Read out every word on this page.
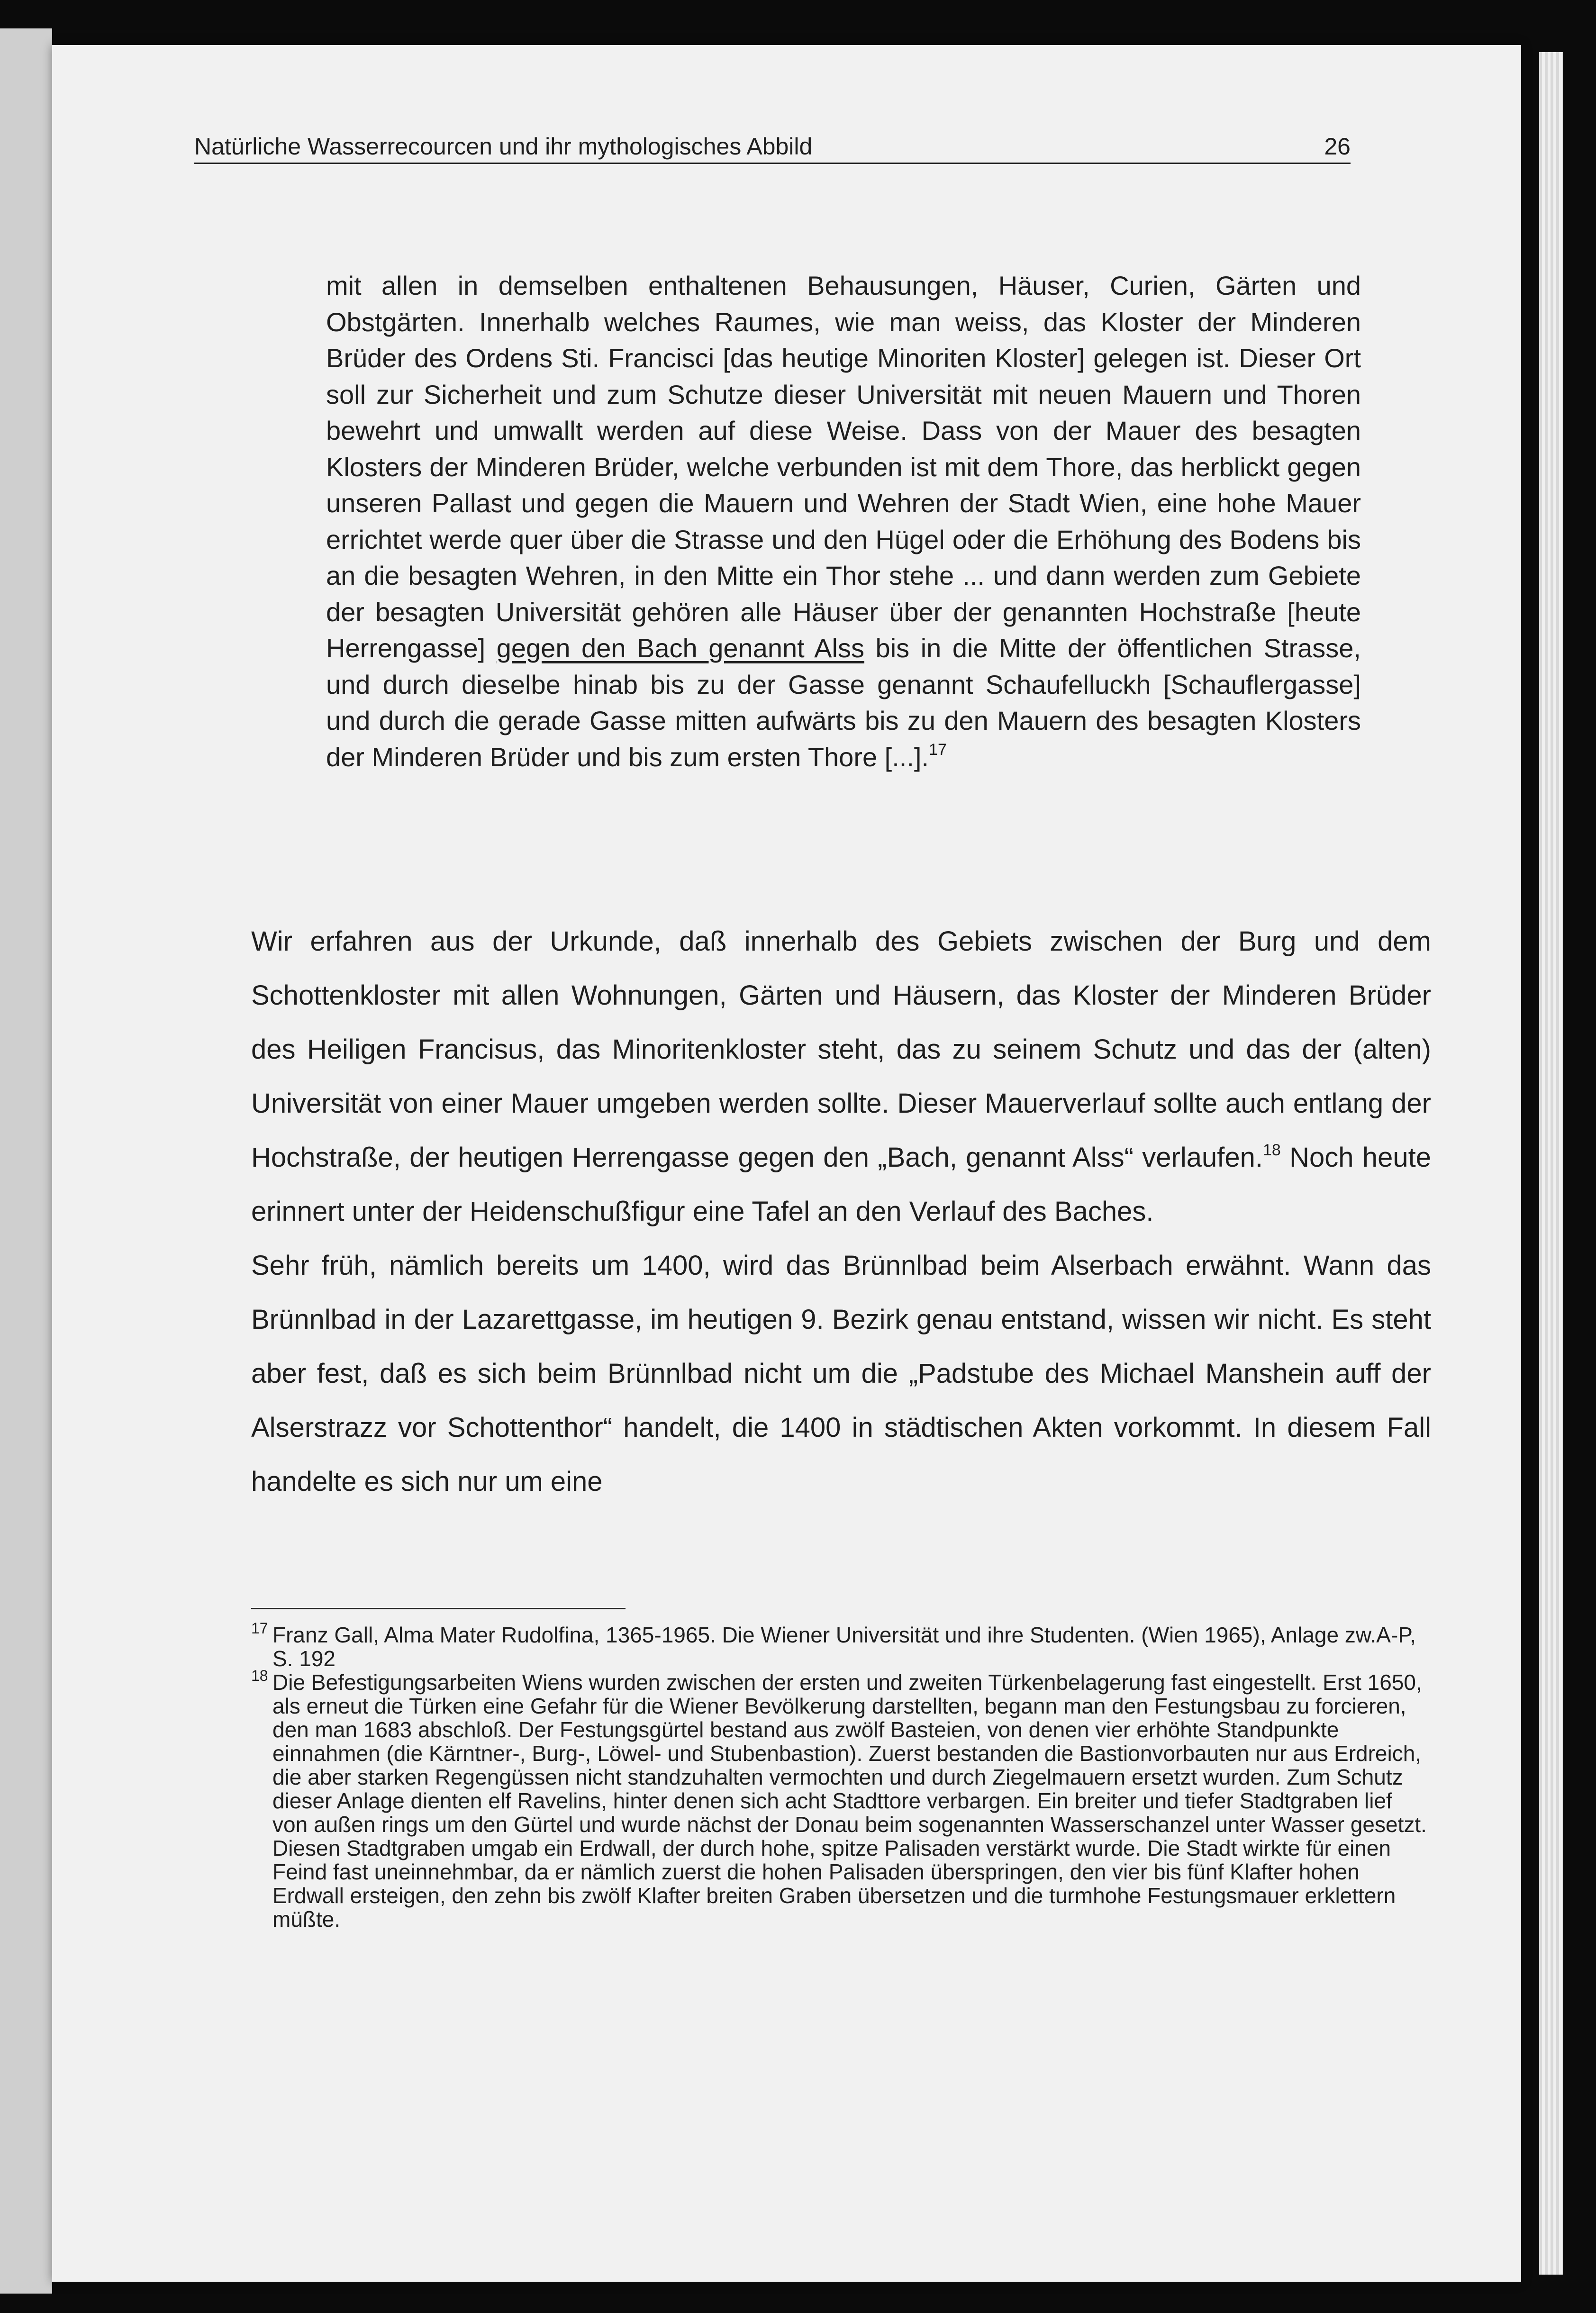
Natürliche Wasserrecourcen und ihr mythologisches Abbild	26
mit allen in demselben enthaltenen Behausungen, Häuser, Curien, Gärten und Obstgärten. Innerhalb welches Raumes, wie man weiss, das Kloster der Minderen Brüder des Ordens Sti. Francisci [das heutige Minoriten Kloster] gelegen ist. Dieser Ort soll zur Sicherheit und zum Schutze dieser Universität mit neuen Mauern und Thoren bewehrt und umwallt werden auf diese Weise. Dass von der Mauer des besagten Klosters der Minderen Brüder, welche verbunden ist mit dem Thore, das herblickt gegen unseren Pallast und gegen die Mauern und Wehren der Stadt Wien, eine hohe Mauer errichtet werde quer über die Strasse und den Hügel oder die Erhöhung des Bodens bis an die besagten Wehren, in den Mitte ein Thor stehe ... und dann werden zum Gebiete der besagten Universität gehören alle Häuser über der genannten Hochstraße [heute Herrengasse] gegen den Bach genannt Alss bis in die Mitte der öffentlichen Strasse, und durch dieselbe hinab bis zu der Gasse genannt Schaufelluckh [Schauflergasse] und durch die gerade Gasse mitten aufwärts bis zu den Mauern des besagten Klosters der Minderen Brüder und bis zum ersten Thore [...].$^{17}$

Wir erfahren aus der Urkunde, daß innerhalb des Gebiets zwischen der Burg und dem Schottenkloster mit allen Wohnungen, Gärten und Häusern, das Kloster der Minderen Brüder des Heiligen Francisus, das Minoritenkloster steht, das zu seinem Schutz und das der (alten) Universität von einer Mauer umgeben werden sollte. Dieser Mauerverlauf sollte auch entlang der Hochstraße, der heutigen Herrengasse gegen den „Bach, genannt Alss“ verlaufen.$^{18}$ Noch heute erinnert unter der Heidenschußfigur eine Tafel an den Verlauf des Baches.

Sehr früh, nämlich bereits um 1400, wird das Brünnlbad beim Alserbach erwähnt. Wann das Brünnlbad in der Lazarettgasse, im heutigen 9. Bezirk genau entstand, wissen wir nicht. Es steht aber fest, daß es sich beim Brünnlbad nicht um die „Padstube des Michael Manshein auff der Alserstrazz vor Schottenthor“ handelt, die 1400 in städtischen Akten vorkommt. In diesem Fall handelte es sich nur um eine

17 Franz Gall, Alma Mater Rudolfina, 1365-1965. Die Wiener Universität und ihre Studenten. (Wien 1965), Anlage zw.A-P, S. 192

18 Die Befestigungsarbeiten Wiens wurden zwischen der ersten und zweiten Türkenbelagerung fast eingestellt. Erst 1650, als erneut die Türken eine Gefahr für die Wiener Bevölkerung darstellten, begann man den Festungsbau zu forcieren, den man 1683 abschloß. Der Festungsgürtel bestand aus zwölf Basteien, von denen vier erhöhte Standpunkte einnahmen (die Kärntner-, Burg-, Löwel- und Stubenbastion). Zuerst bestanden die Bastionvorbauten nur aus Erdreich, die aber starken Regengüssen nicht standzuhalten vermochten und durch Ziegelmauern ersetzt wurden. Zum Schutz dieser Anlage dienten elf Ravelins, hinter denen sich acht Stadttore verbargen. Ein breiter und tiefer Stadtgraben lief von außen rings um den Gürtel und wurde nächst der Donau beim sogenannten Wasserschanzel unter Wasser gesetzt. Diesen Stadtgraben umgab ein Erdwall, der durch hohe, spitze Palisaden verstärkt wurde. Die Stadt wirkte für einen Feind fast uneinnehmbar, da er nämlich zuerst die hohen Palisaden überspringen, den vier bis fünf Klafter hohen Erdwall ersteigen, den zehn bis zwölf Klafter breiten Graben übersetzen und die turmhohe Festungsmauer erklettern müßte.
